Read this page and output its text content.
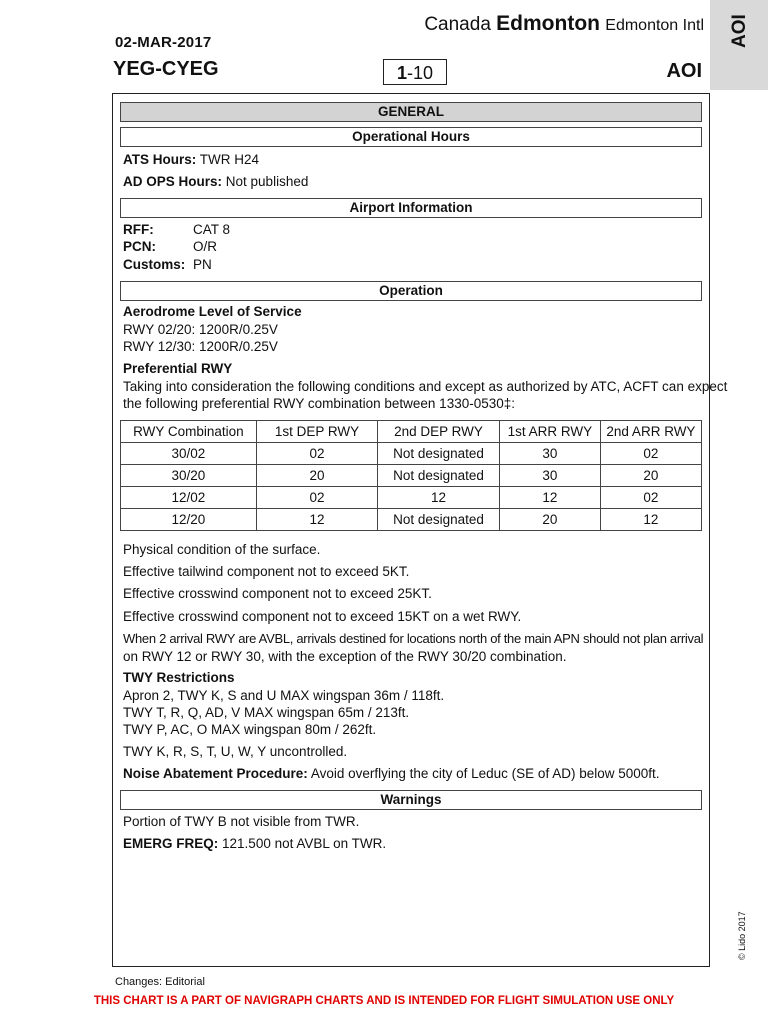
02-MAR-2017
YEG-CYEG
Canada Edmonton Edmonton Intl
1-10	AOI
AOI
GENERAL
Operational Hours
ATS Hours: TWR H24
AD OPS Hours: Not published
Airport Information
RFF:	CAT 8
PCN:	O/R
Customs: PN
Operation
Aerodrome Level of Service
RWY 02/20: 1200R/0.25V
RWY 12/30: 1200R/0.25V
Preferential RWY
Taking into consideration the following conditions and except as authorized by ATC, ACFT can expect
the following preferential RWY combination between 1330-0530‡:
RWY Combination	1st DEP RWY	2nd DEP RWY	1st ARR RWY	2nd ARR RWY
30/02	02	Not designated	30	02
30/20	20	Not designated	30	20
12/02	02	12	12	02
12/20	12	Not designated	20	12
Physical condition of the surface.
Effective tailwind component not to exceed 5KT.
Effective crosswind component not to exceed 25KT.
Effective crosswind component not to exceed 15KT on a wet RWY.
When 2 arrival RWY are AVBL, arrivals destined for locations north of the main APN should not plan arrival
on RWY 12 or RWY 30, with the exception of the RWY 30/20 combination.
TWY Restrictions
Apron 2, TWY K, S and U MAX wingspan 36m / 118ft.
TWY T, R, Q, AD, V MAX wingspan 65m / 213ft.
TWY P, AC, O MAX wingspan 80m / 262ft.
TWY K, R, S, T, U, W, Y uncontrolled.
Noise Abatement Procedure: Avoid overflying the city of Leduc (SE of AD) below 5000ft.
Warnings
Portion of TWY B not visible from TWR.
EMERG FREQ: 121.500 not AVBL on TWR.
© Lido 2017
Changes: Editorial
THIS CHART IS A PART OF NAVIGRAPH CHARTS AND IS INTENDED FOR FLIGHT SIMULATION USE ONLY
